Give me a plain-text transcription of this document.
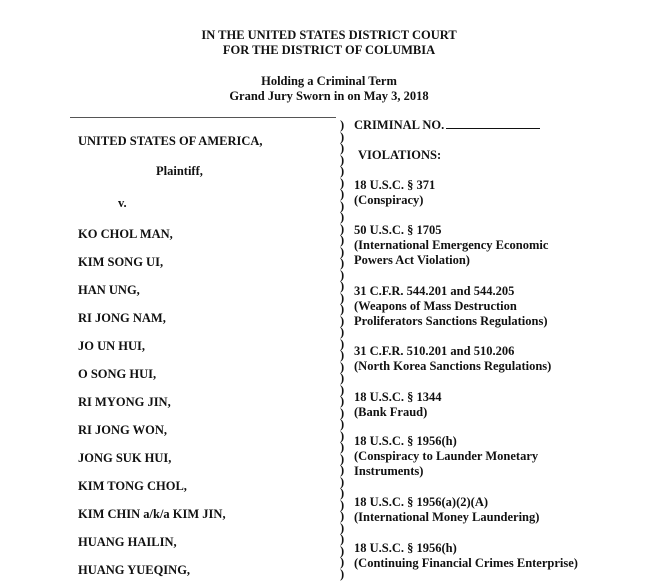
IN THE UNITED STATES DISTRICT COURT
FOR THE DISTRICT OF COLUMBIA
Holding a Criminal Term
Grand Jury Sworn in on May 3, 2018
UNITED STATES OF AMERICA,
Plaintiff,
v.
KO CHOL MAN,
KIM SONG UI,
HAN UNG,
RI JONG NAM,
JO UN HUI,
O SONG HUI,
RI MYONG JIN,
RI JONG WON,
JONG SUK HUI,
KIM TONG CHOL,
KIM CHIN a/k/a KIM JIN,
HUANG HAILIN,
HUANG YUEQING,
)
)
)
)
)
)
)
)
)
)
)
)
)
)
)
)
)
)
)
)
)
)
)
)
)
)
)
)
)
)
)
)
)
)
)
)
)
)
)
)
CRIMINAL NO.
VIOLATIONS:
18 U.S.C. § 371
(Conspiracy)
50 U.S.C. § 1705
(International Emergency Economic
Powers Act Violation)
31 C.F.R. 544.201 and 544.205
(Weapons of Mass Destruction
Proliferators Sanctions Regulations)
31 C.F.R. 510.201 and 510.206
(North Korea Sanctions Regulations)
18 U.S.C. § 1344
(Bank Fraud)
18 U.S.C. § 1956(h)
(Conspiracy to Launder Monetary
Instruments)
18 U.S.C. § 1956(a)(2)(A)
(International Money Laundering)
18 U.S.C. § 1956(h)
(Continuing Financial Crimes Enterprise)
